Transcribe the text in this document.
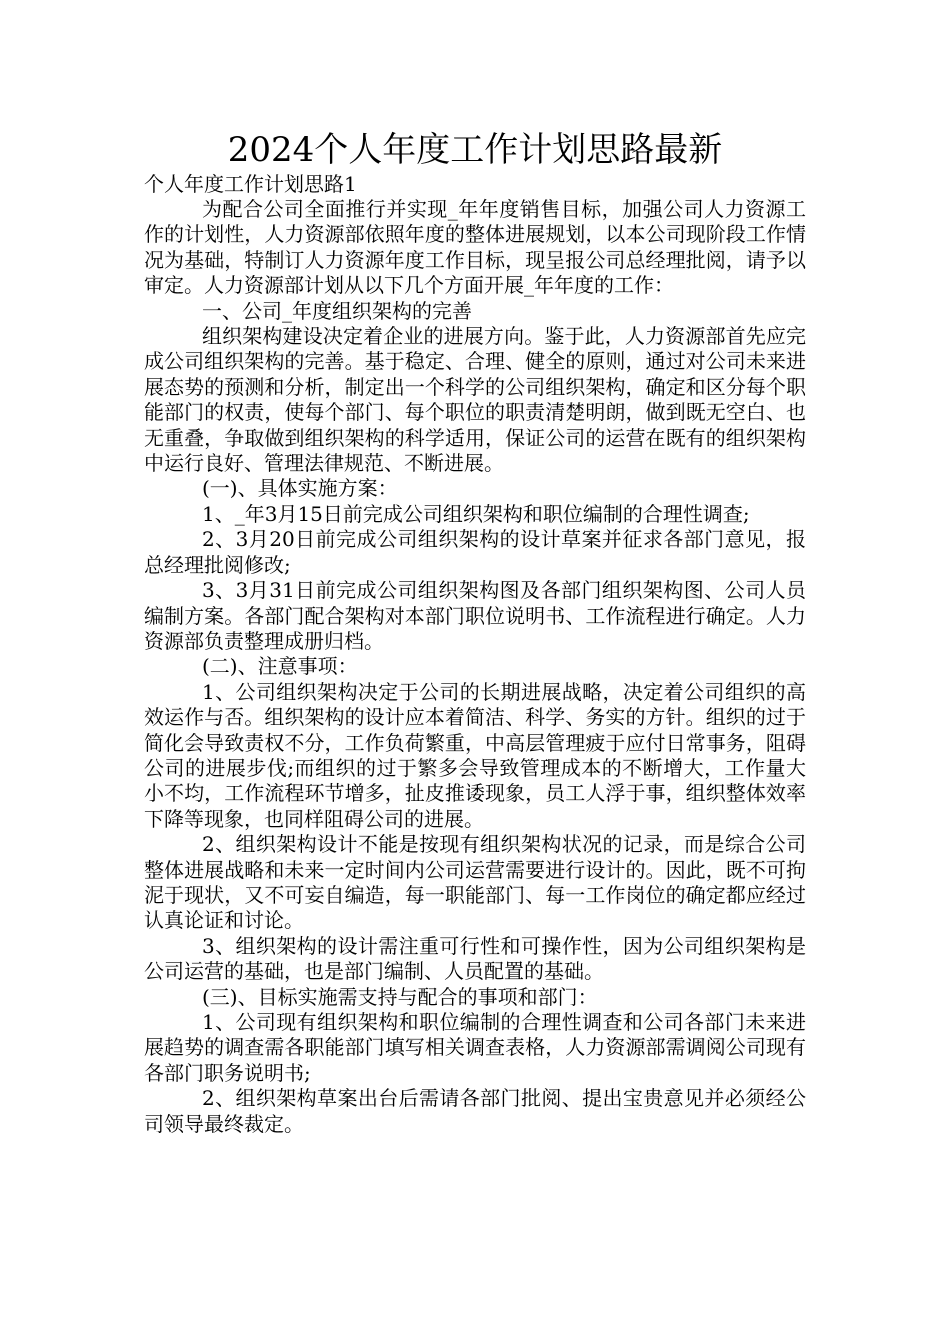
2024个人年度工作计划思路最新

个人年度工作计划思路1

为配合公司全面推行并实现_年年度销售目标，加强公司人力资源工作的计划性，人力资源部依照年度的整体进展规划，以本公司现阶段工作情况为基础，特制订人力资源年度工作目标，现呈报公司总经理批阅，请予以审定。人力资源部计划从以下几个方面开展_年年度的工作：

一、公司_年度组织架构的完善

组织架构建设决定着企业的进展方向。鉴于此，人力资源部首先应完成公司组织架构的完善。基于稳定、合理、健全的原则，通过对公司未来进展态势的预测和分析，制定出一个科学的公司组织架构，确定和区分每个职能部门的权责，使每个部门、每个职位的职责清楚明朗，做到既无空白、也无重叠，争取做到组织架构的科学适用，保证公司的运营在既有的组织架构中运行良好、管理法律规范、不断进展。

(一)、具体实施方案：

1、_年3月15日前完成公司组织架构和职位编制的合理性调查;

2、3月20日前完成公司组织架构的设计草案并征求各部门意见，报总经理批阅修改;

3、3月31日前完成公司组织架构图及各部门组织架构图、公司人员编制方案。各部门配合架构对本部门职位说明书、工作流程进行确定。人力资源部负责整理成册归档。

(二)、注意事项：

1、公司组织架构决定于公司的长期进展战略，决定着公司组织的高效运作与否。组织架构的设计应本着简洁、科学、务实的方针。组织的过于简化会导致责权不分，工作负荷繁重，中高层管理疲于应付日常事务，阻碍公司的进展步伐;而组织的过于繁多会导致管理成本的不断增大，工作量大小不均，工作流程环节增多，扯皮推诿现象，员工人浮于事，组织整体效率下降等现象，也同样阻碍公司的进展。

2、组织架构设计不能是按现有组织架构状况的记录，而是综合公司整体进展战略和未来一定时间内公司运营需要进行设计的。因此，既不可拘泥于现状，又不可妄自编造，每一职能部门、每一工作岗位的确定都应经过认真论证和讨论。

3、组织架构的设计需注重可行性和可操作性，因为公司组织架构是公司运营的基础，也是部门编制、人员配置的基础。

(三)、目标实施需支持与配合的事项和部门：

1、公司现有组织架构和职位编制的合理性调查和公司各部门未来进展趋势的调查需各职能部门填写相关调查表格，人力资源部需调阅公司现有各部门职务说明书;

2、组织架构草案出台后需请各部门批阅、提出宝贵意见并必须经公司领导最终裁定。
